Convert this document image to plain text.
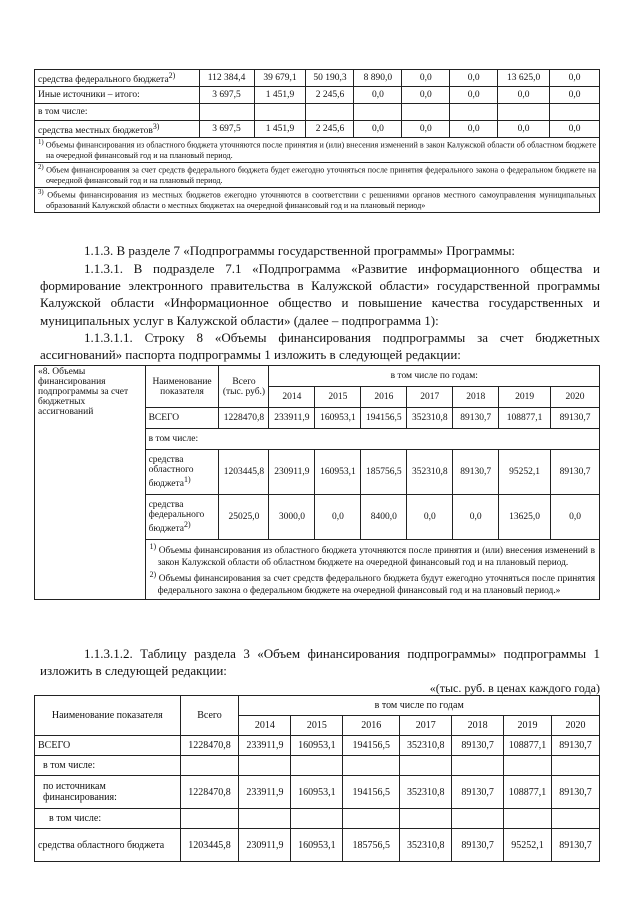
средства федерального бюджета$^{2)}$	112 384,4	39 679,1	50 190,3	8 890,0	0,0	0,0	13 625,0	0,0
Иные источники – итого:	3 697,5	1 451,9	2 245,6	0,0	0,0	0,0	0,0	0,0
в том числе:								
средства местных бюджетов$^{3)}$	3 697,5	1 451,9	2 245,6	0,0	0,0	0,0	0,0	0,0
$^{1)}$ Объемы финансирования из областного бюджета уточняются после принятия и (или) внесения изменений в закон Калужской области об областном бюджете на очередной финансовый год и на плановый период.								
$^{2)}$ Объем финансирования за счет средств федерального бюджета будет ежегодно уточняться после принятия федерального закона о федеральном бюджете на очередной финансовый год и на плановый период.								
$^{3)}$ Объемы финансирования из местных бюджетов ежегодно уточняются в соответствии с решениями органов местного самоуправления муниципальных образований Калужской области о местных бюджетах на очередной финансовый год и на плановый период»								

1.1.3. В разделе 7 «Подпрограммы государственной программы» Программы:

1.1.3.1. В подразделе 7.1 «Подпрограмма «Развитие информационного общества и формирование электронного правительства в Калужской области» государственной программы Калужской области «Информационное общество и повышение качества государственных и муниципальных услуг в Калужской области» (далее – подпрограмма 1):

1.1.3.1.1. Строку 8 «Объемы финансирования подпрограммы за счет бюджетных ассигнований» паспорта подпрограммы 1 изложить в следующей редакции:

«8. Объемы финансирования подпрограммы за счет бюджетных ассигнований	Наименование показателя	Всего (тыс. руб.)	в том числе по годам:						
			2014	2015	2016	2017	2018	2019	2020
	ВСЕГО	1228470,8	233911,9	160953,1	194156,5	352310,8	89130,7	108877,1	89130,7
	в том числе:								
	средства областного бюджета$^{1)}$	1203445,8	230911,9	160953,1	185756,5	352310,8	89130,7	95252,1	89130,7
	средства федерального бюджета$^{2)}$	25025,0	3000,0	0,0	8400,0	0,0	0,0	13625,0	0,0

	$^{1)}$ Объемы финансирования из областного бюджета уточняются после принятия и (или) внесения изменений в закон Калужской области об областном бюджете на очередной финансовый год и на плановый период.
$^{2)}$ Объемы финансирования за счет средств федерального бюджета будут ежегодно уточняться после принятия федерального закона о федеральном бюджете на очередной финансовый год и на плановый период.»								

1.1.3.1.2. Таблицу раздела 3 «Объем финансирования подпрограммы» подпрограммы 1 изложить в следующей редакции:

«(тыс. руб. в ценах каждого года)
Наименование показателя	Всего	в том числе по годам						
		2014	2015	2016	2017	2018	2019	2020
ВСЕГО	1228470,8	233911,9	160953,1	194156,5	352310,8	89130,7	108877,1	89130,7
в том числе:								
по источникам финансирования:	1228470,8	233911,9	160953,1	194156,5	352310,8	89130,7	108877,1	89130,7
в том числе:								
средства областного бюджета	1203445,8	230911,9	160953,1	185756,5	352310,8	89130,7	95252,1	89130,7
